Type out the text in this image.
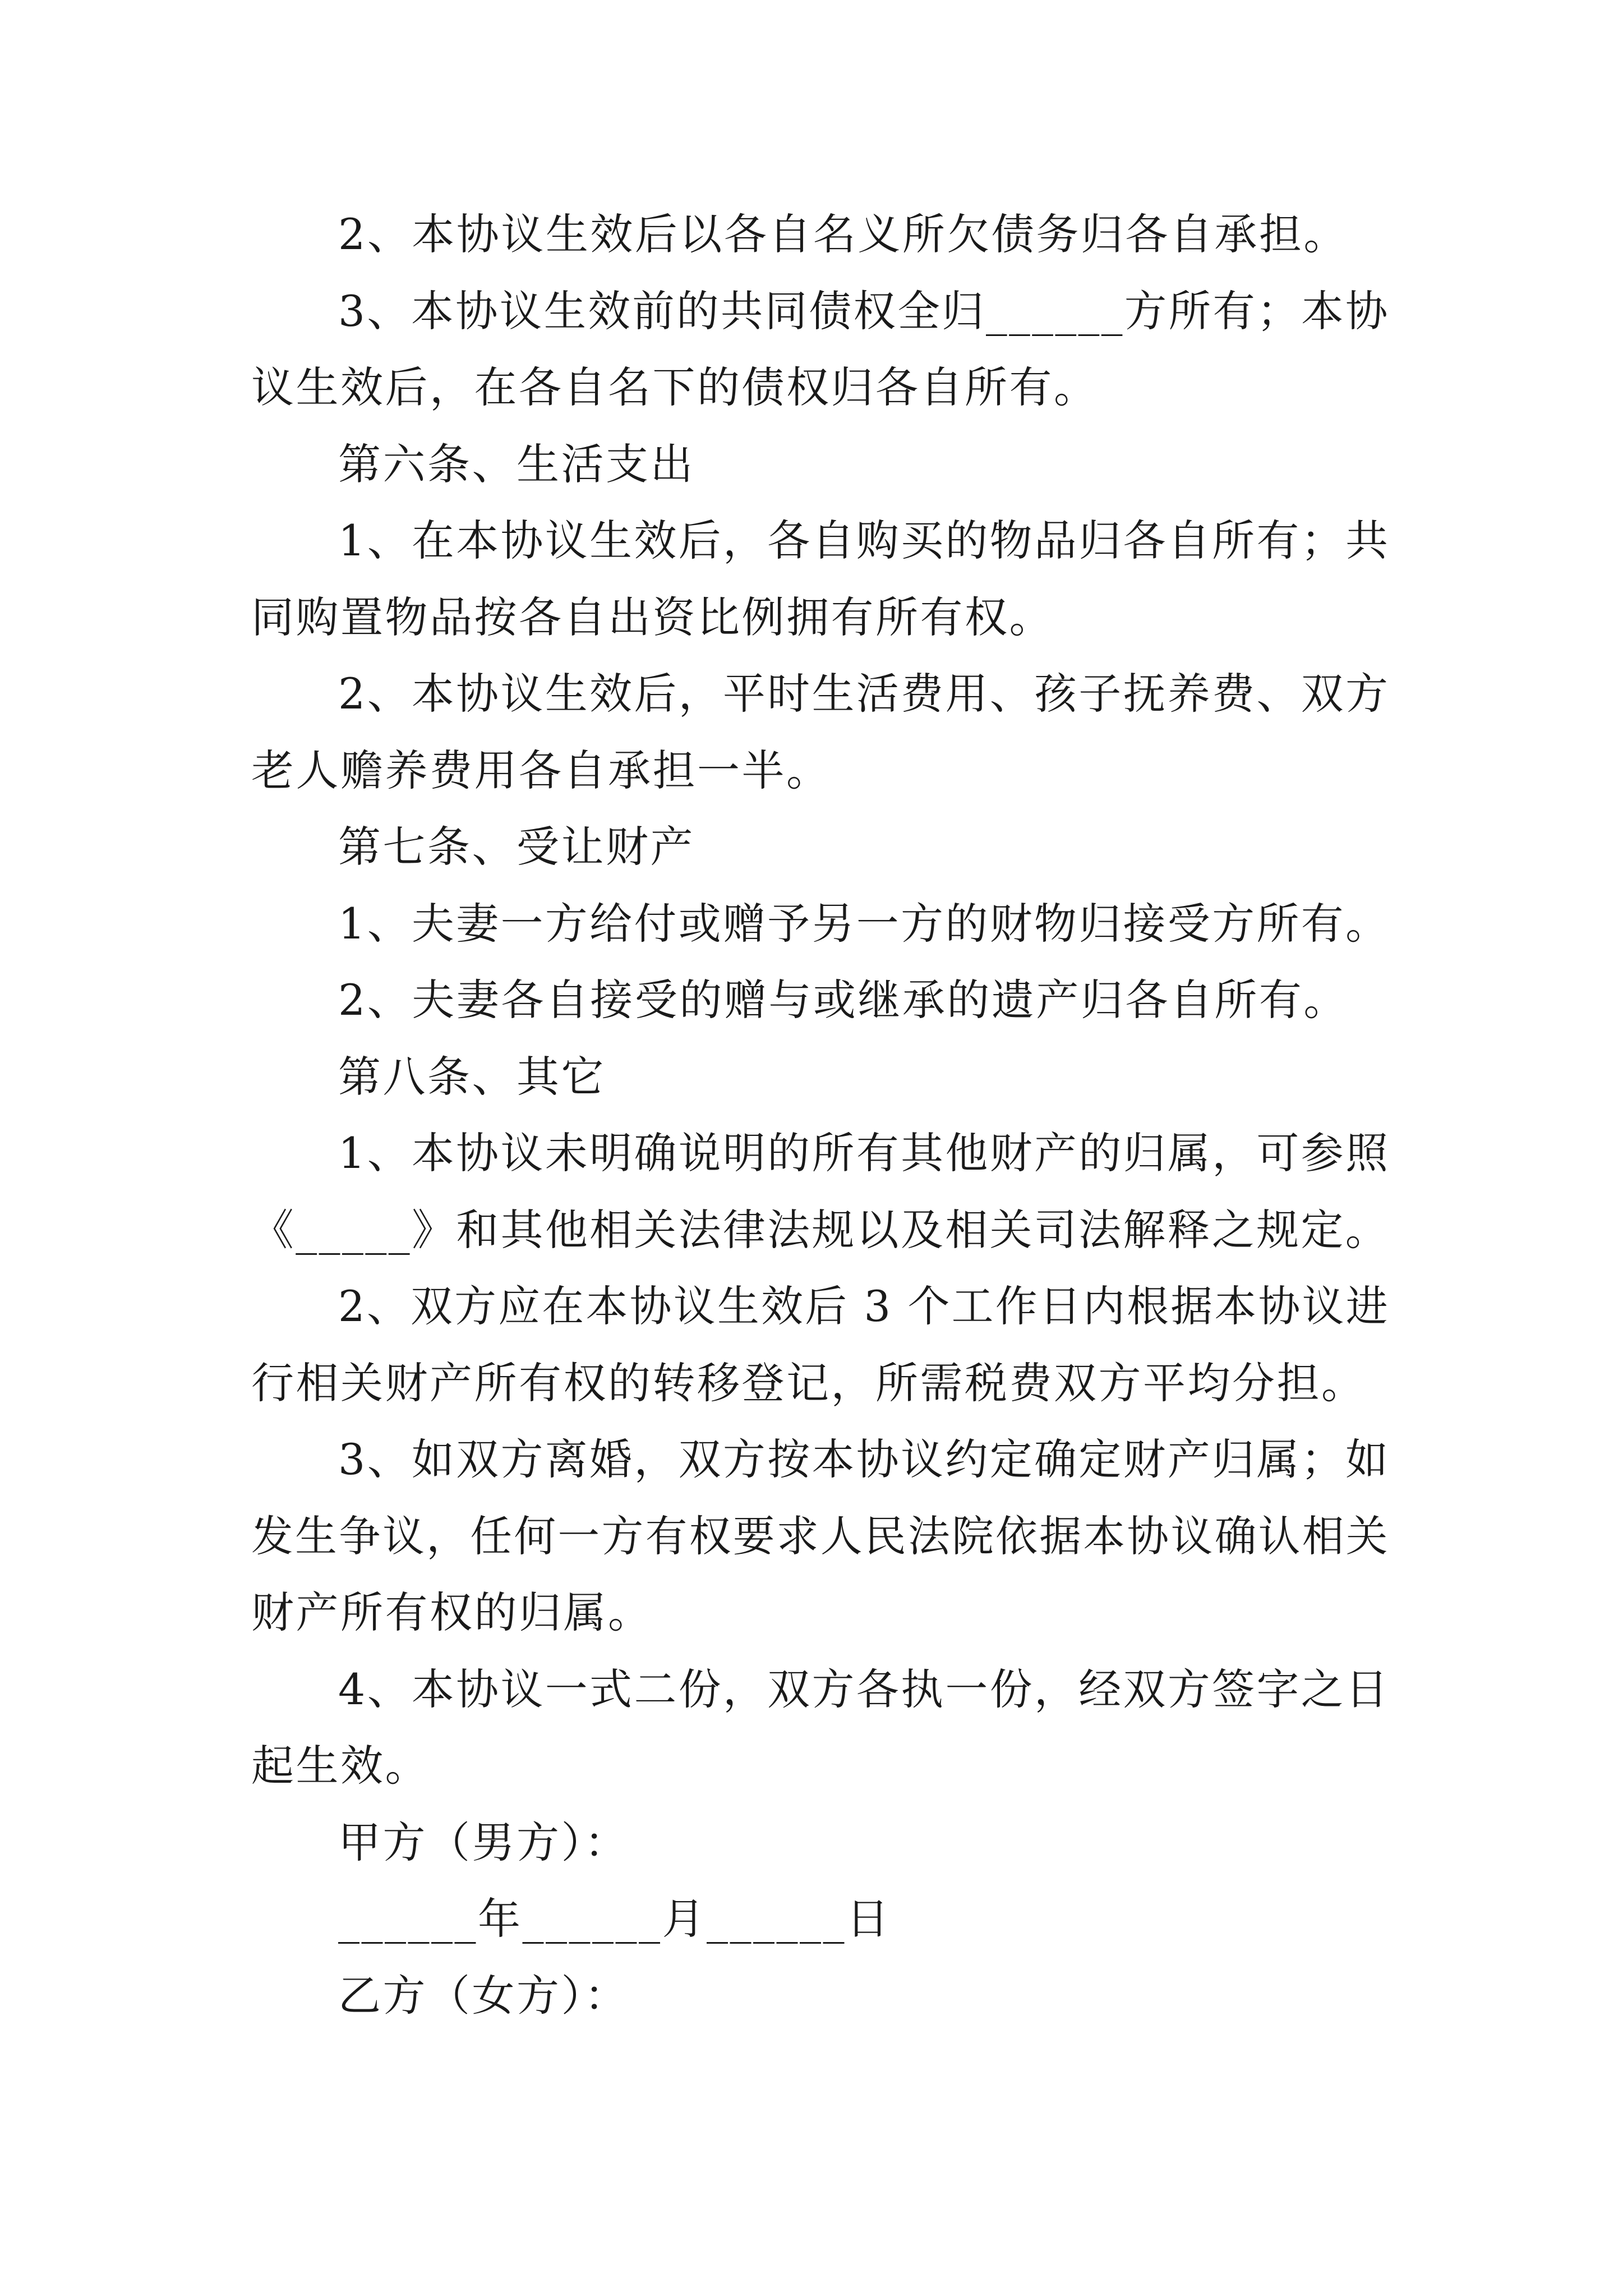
2、本协议生效后以各自名义所欠债务归各自承担。
3、本协议生效前的共同债权全归______方所有；本协
议生效后，在各自名下的债权归各自所有。
第六条、生活支出
1、在本协议生效后，各自购买的物品归各自所有；共
同购置物品按各自出资比例拥有所有权。
2、本协议生效后，平时生活费用、孩子抚养费、双方
老人赡养费用各自承担一半。
第七条、受让财产
1、夫妻一方给付或赠予另一方的财物归接受方所有。
2、夫妻各自接受的赠与或继承的遗产归各自所有。
第八条、其它
1、本协议未明确说明的所有其他财产的归属，可参照
《_____》和其他相关法律法规以及相关司法解释之规定。
2、双方应在本协议生效后 3 个工作日内根据本协议进
行相关财产所有权的转移登记，所需税费双方平均分担。
3、如双方离婚，双方按本协议约定确定财产归属；如
发生争议，任何一方有权要求人民法院依据本协议确认相关
财产所有权的归属。
4、本协议一式二份，双方各执一份，经双方签字之日
起生效。
甲方（男方）：
______年______月______日
乙方（女方）：
